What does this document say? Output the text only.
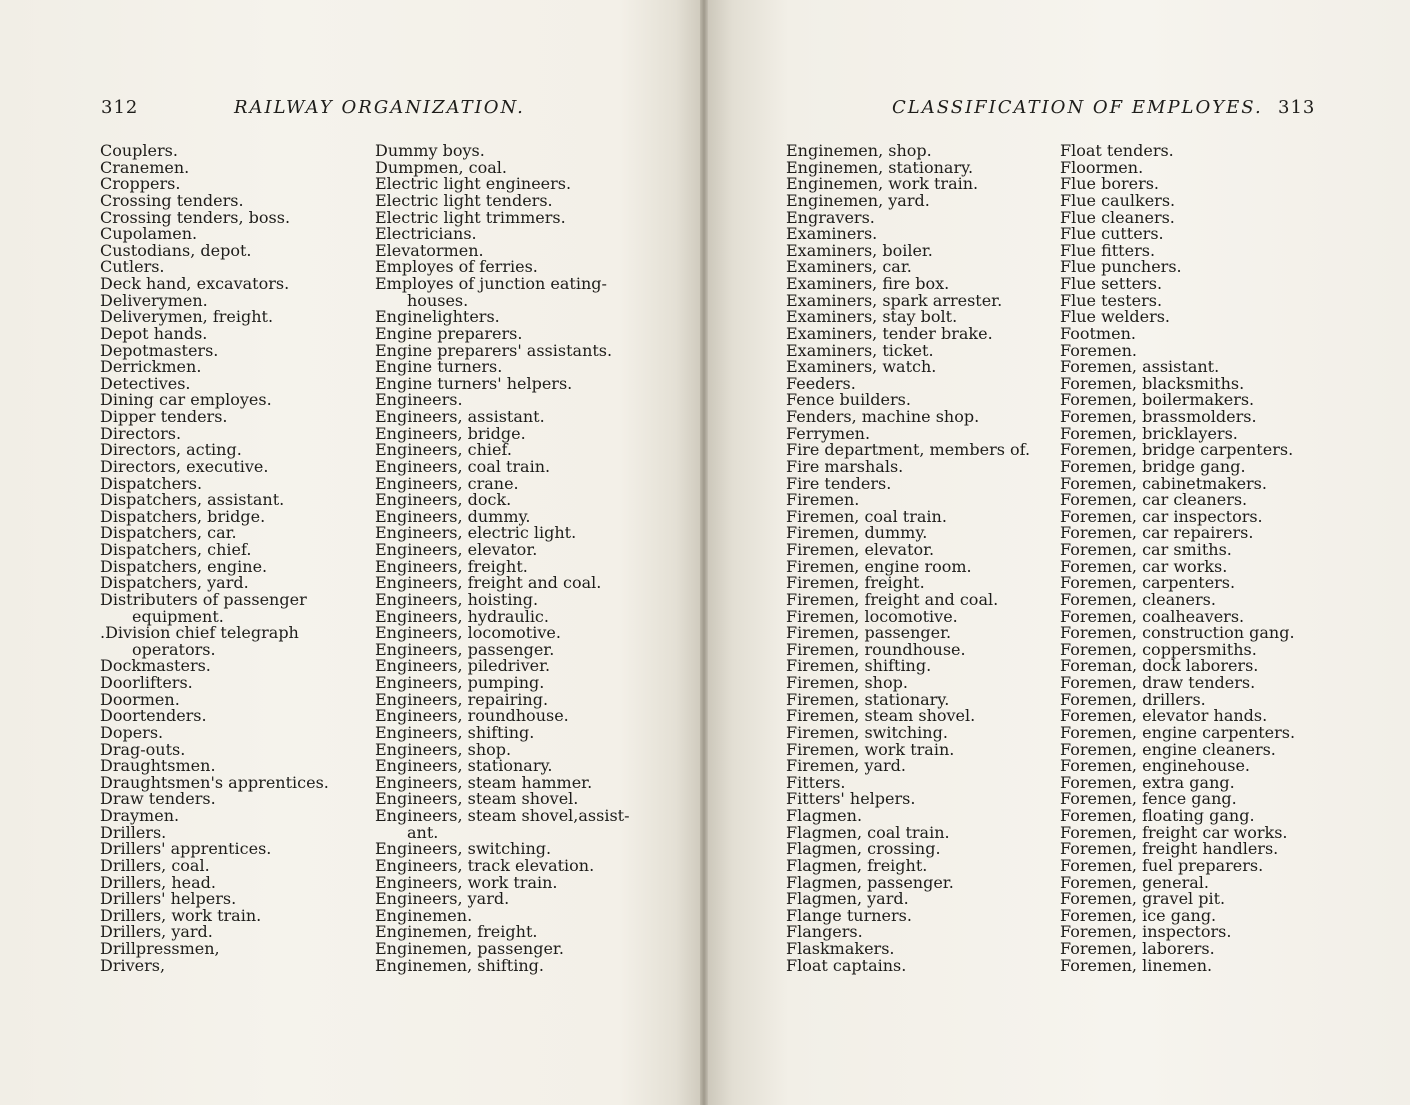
312	RAILWAY ORGANIZATION.
Couplers.
Cranemen.
Croppers.
Crossing tenders.
Crossing tenders, boss.
Cupolamen.
Custodians, depot.
Cutlers.
Deck hand, excavators.
Deliverymen.
Deliverymen, freight.
Depot hands.
Depotmasters.
Derrickmen.
Detectives.
Dining car employes.
Dipper tenders.
Directors.
Directors, acting.
Directors, executive.
Dispatchers.
Dispatchers, assistant.
Dispatchers, bridge.
Dispatchers, car.
Dispatchers, chief.
Dispatchers, engine.
Dispatchers, yard.
Distributers of passenger
equipment.
.Division chief telegraph
operators.
Dockmasters.
Doorlifters.
Doormen.
Doortenders.
Dopers.
Drag-outs.
Draughtsmen.
Draughtsmen's apprentices.
Draw tenders.
Draymen.
Drillers.
Drillers' apprentices.
Drillers, coal.
Drillers, head.
Drillers' helpers.
Drillers, work train.
Drillers, yard.
Drillpressmen,
Drivers,
Dummy boys.
Dumpmen, coal.
Electric light engineers.
Electric light tenders.
Electric light trimmers.
Electricians.
Elevatormen.
Employes of ferries.
Employes of junction eating-
houses.
Enginelighters.
Engine preparers.
Engine preparers' assistants.
Engine turners.
Engine turners' helpers.
Engineers.
Engineers, assistant.
Engineers, bridge.
Engineers, chief.
Engineers, coal train.
Engineers, crane.
Engineers, dock.
Engineers, dummy.
Engineers, electric light.
Engineers, elevator.
Engineers, freight.
Engineers, freight and coal.
Engineers, hoisting.
Engineers, hydraulic.
Engineers, locomotive.
Engineers, passenger.
Engineers, piledriver.
Engineers, pumping.
Engineers, repairing.
Engineers, roundhouse.
Engineers, shifting.
Engineers, shop.
Engineers, stationary.
Engineers, steam hammer.
Engineers, steam shovel.
Engineers, steam shovel,assist-
ant.
Engineers, switching.
Engineers, track elevation.
Engineers, work train.
Engineers, yard.
Enginemen.
Enginemen, freight.
Enginemen, passenger.
Enginemen, shifting.
CLASSIFICATION OF EMPLOYES. 313
Enginemen, shop.
Enginemen, stationary.
Enginemen, work train.
Enginemen, yard.
Engravers.
Examiners.
Examiners, boiler.
Examiners, car.
Examiners, fire box.
Examiners, spark arrester.
Examiners, stay bolt.
Examiners, tender brake.
Examiners, ticket.
Examiners, watch.
Feeders.
Fence builders.
Fenders, machine shop.
Ferrymen.
Fire department, members of.
Fire marshals.
Fire tenders.
Firemen.
Firemen, coal train.
Firemen, dummy.
Firemen, elevator.
Firemen, engine room.
Firemen, freight.
Firemen, freight and coal.
Firemen, locomotive.
Firemen, passenger.
Firemen, roundhouse.
Firemen, shifting.
Firemen, shop.
Firemen, stationary.
Firemen, steam shovel.
Firemen, switching.
Firemen, work train.
Firemen, yard.
Fitters.
Fitters' helpers.
Flagmen.
Flagmen, coal train.
Flagmen, crossing.
Flagmen, freight.
Flagmen, passenger.
Flagmen, yard.
Flange turners.
Flangers.
Flaskmakers.
Float captains.
Float tenders.
Floormen.
Flue borers.
Flue caulkers.
Flue cleaners.
Flue cutters.
Flue fitters.
Flue punchers.
Flue setters.
Flue testers.
Flue welders.
Footmen.
Foremen.
Foremen, assistant.
Foremen, blacksmiths.
Foremen, boilermakers.
Foremen, brassmolders.
Foremen, bricklayers.
Foremen, bridge carpenters.
Foremen, bridge gang.
Foremen, cabinetmakers.
Foremen, car cleaners.
Foremen, car inspectors.
Foremen, car repairers.
Foremen, car smiths.
Foremen, car works.
Foremen, carpenters.
Foremen, cleaners.
Foremen, coalheavers.
Foremen, construction gang.
Foremen, coppersmiths.
Foreman, dock laborers.
Foremen, draw tenders.
Foremen, drillers.
Foremen, elevator hands.
Foremen, engine carpenters.
Foremen, engine cleaners.
Foremen, enginehouse.
Foremen, extra gang.
Foremen, fence gang.
Foremen, floating gang.
Foremen, freight car works.
Foremen, freight handlers.
Foremen, fuel preparers.
Foremen, general.
Foremen, gravel pit.
Foremen, ice gang.
Foremen, inspectors.
Foremen, laborers.
Foremen, linemen.
